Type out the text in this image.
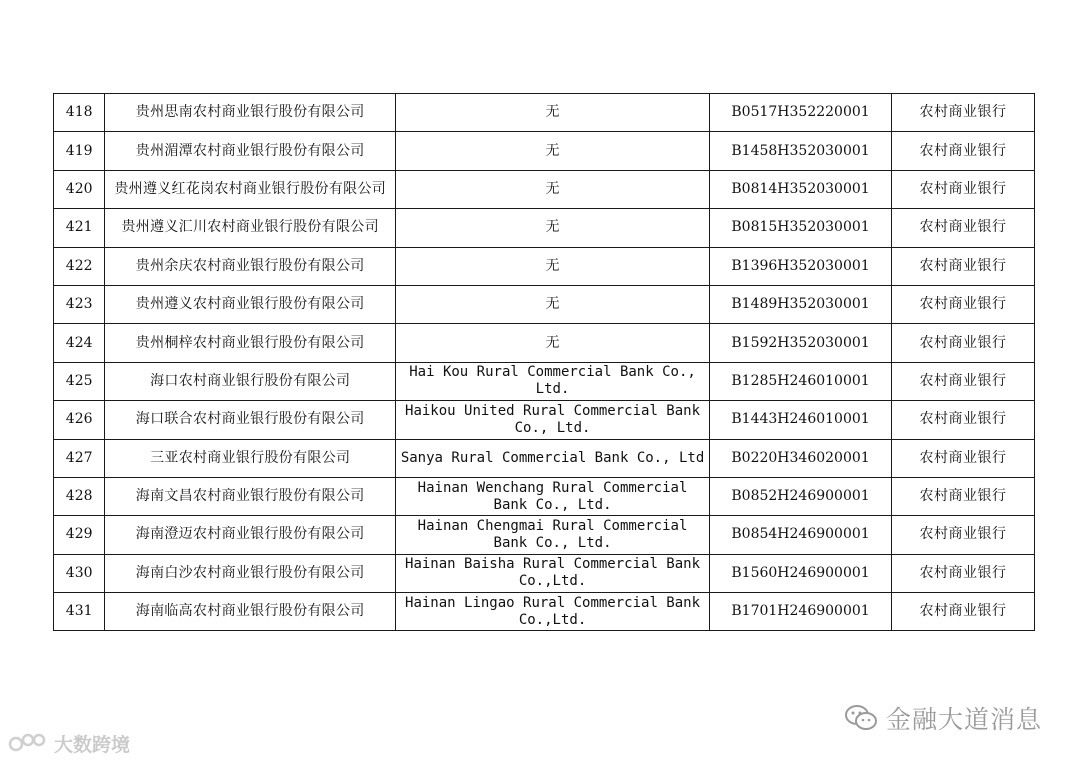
418	贵州思南农村商业银行股份有限公司	无	B0517H352220001	农村商业银行
419	贵州湄潭农村商业银行股份有限公司	无	B1458H352030001	农村商业银行
420	贵州遵义红花岗农村商业银行股份有限公司	无	B0814H352030001	农村商业银行
421	贵州遵义汇川农村商业银行股份有限公司	无	B0815H352030001	农村商业银行
422	贵州余庆农村商业银行股份有限公司	无	B1396H352030001	农村商业银行
423	贵州遵义农村商业银行股份有限公司	无	B1489H352030001	农村商业银行
424	贵州桐梓农村商业银行股份有限公司	无	B1592H352030001	农村商业银行
425	海口农村商业银行股份有限公司	Hai Kou Rural Commercial Bank Co., Ltd.	B1285H246010001	农村商业银行
426	海口联合农村商业银行股份有限公司	Haikou United Rural Commercial Bank Co., Ltd.	B1443H246010001	农村商业银行
427	三亚农村商业银行股份有限公司	Sanya Rural Commercial Bank Co., Ltd	B0220H346020001	农村商业银行
428	海南文昌农村商业银行股份有限公司	Hainan Wenchang Rural Commercial Bank Co., Ltd.	B0852H246900001	农村商业银行
429	海南澄迈农村商业银行股份有限公司	Hainan Chengmai Rural Commercial Bank Co., Ltd.	B0854H246900001	农村商业银行
430	海南白沙农村商业银行股份有限公司	Hainan Baisha Rural Commercial Bank Co.,Ltd.	B1560H246900001	农村商业银行
431	海南临高农村商业银行股份有限公司	Hainan Lingao Rural Commercial Bank Co.,Ltd.	B1701H246900001	农村商业银行
金融大道消息
大数跨境
